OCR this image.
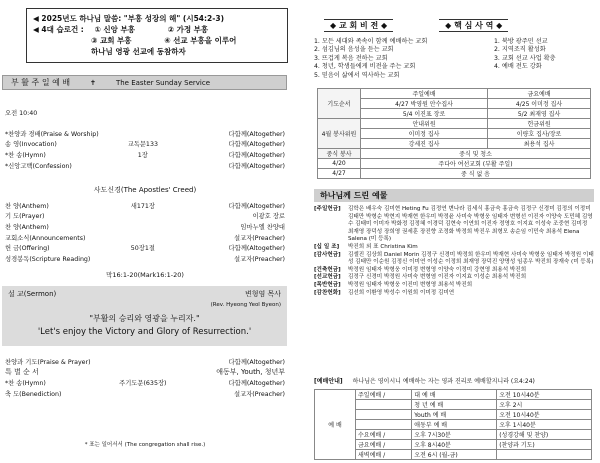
◀ 2025년도 하나님 말씀: "부흥 성장의 해" (시54:2-3)
◀ 4대 습로건 : ① 신앙 부흥	② 가정 부흥
③ 교회 부흥	④ 선교 부흥을 이루어
하나님 영광 선교에 동참하자
부 활 주 일 예 배	✝	The Easter Sunday Service
오전 10:40
*찬양과 경배(Praise & Worship)	다함께(Altogether)
송 영(Invocation)	교독문133	다함께(Altogether)
*찬 송(Hymn)	1장	다함께(Altogether)
*신앙고백(Confession)	다함께(Altogether)
사도신경(The Apostles' Creed)
찬 양(Anthem)	새171장	다함께(Altogether)
기 도(Prayer)	이광호 장로
찬 양(Anthem)	임마누엘 찬양대
교회소식(Announcements)	설교자(Preacher)
헌 금(Offering)	50장1절	다함께(Altogether)
성경봉독(Scripture Reading)	설교자(Preacher)
막16:1-20(Mark16:1-20)
설 교(Sermon)	변형염 목사
(Rev. Hyeong Yeol Byeon)
"부활의 승리와 영광을 누리자."
'Let's enjoy the Victory and Glory of Resurrection.'
찬양과 기도(Praise & Prayer)	다함께(Altogether)
특 별 순 서	애동부, Youth, 청년부
*찬 송(Hymn)	주기도문(635장)	다함께(Altogether)
축 도(Benediction)	설교자(Preacher)
* 표는 일어서서 (The congregation shall rise.)
◆ 교 회 비 전 ◆	◆ 핵 심 사 역 ◆
1. 모든 세대와 족속이 함께 예배하는 교회
2. 섬김님의 음성을 듣는 교회
3. 뜨겁게 복음 전하는 교회
4. 청년, 학생들에게 비전을 주는 교회
5. 믿음이 삶에서 역사하는 교회
1. 북방 광주민 선교
2. 지역조직 활성화
3. 교회 선교 사업 확충
4. 예배 전도 강화
기도순서	주일예배	금요예배
	4/27 박영원 안수집사	4/25 이미정 집사
	5/4 이진표 장로	5/2 최재영 집사
4월 봉사위원	안내위원	헌금위원
	이미정 집사	이량호 집사/장로
	강세진 집사	최용석 집사
중식 봉사	중식 및 청소	
4/20	주다아 여선교회 (부활 주일)	
4/27	중 식 없 음	
하나님께 드린 예물
[주일헌금]	김학은 배우숙 김미현 Heting Fu 김정연 변나라 김세식 홍금숙 홍금숙 김정구 신경미 김정의 이정미 김태만 박형순 박현지 박재현 한우미 박정윤 사미숙 박형웅 임태자 변형선 이진자 이양숙 도민혜 김영수 김태미 이미자 박화정 김정혜 이경덕 김현숙 이연희 이진자 정영호 이지효 이성숙 조중현 김미정 최재영 장덕성 장희영 권세훈 장진향 조정화 박정희 박진우 최형모 송순임 이민숙 최용석 Elena Salena (미 등록)
[십 일 조]	박진희 외 표 Christina Kim
[감사헌금]	김셀진 김상희 Daniel Morin 김정구 신경미 박정희 한우미 박재현 사미숙 박형웅 임태자 박정원 이태성 김태만 이순원 김정신 이미연 이성순 이정희 최재영 장덕진 양명성 임종우 박진희 장재숙 (미 등록)
[건축헌금]	박정원 임태자 박형웅 이미정 변형영 이양숙 이정미 강현영 최용석 박진희
[선교헌금]	김정구 신경미 박정원 사미숙 변형염 이진자 이지효 이성순 최용석 박진희
[목반헌금]	박정원 임태자 박형웅 이진미 변형영 최용석 박진희
[감찬헌화]	김선희 이환영 박성수 이원희 이미정 김미연
[예배안내] 하나님은 영이시니 예배하는 자는 영과 진리로 예배할지니라 (요4:24)
예 배	주일예배 /	대 예 배	오전 10시40분
		청 년 예 배	오후 2시
		Youth 예 배	오전 10시40분
		애동부 예 배	오후 1시40분
	수요예배 /	오후 7시30분	(성경강해 및 찬양)
	금요예배 /	오후 8시40분	(찬양과 기도)
	새벽예배 /	오전 6시 (월-금)	
